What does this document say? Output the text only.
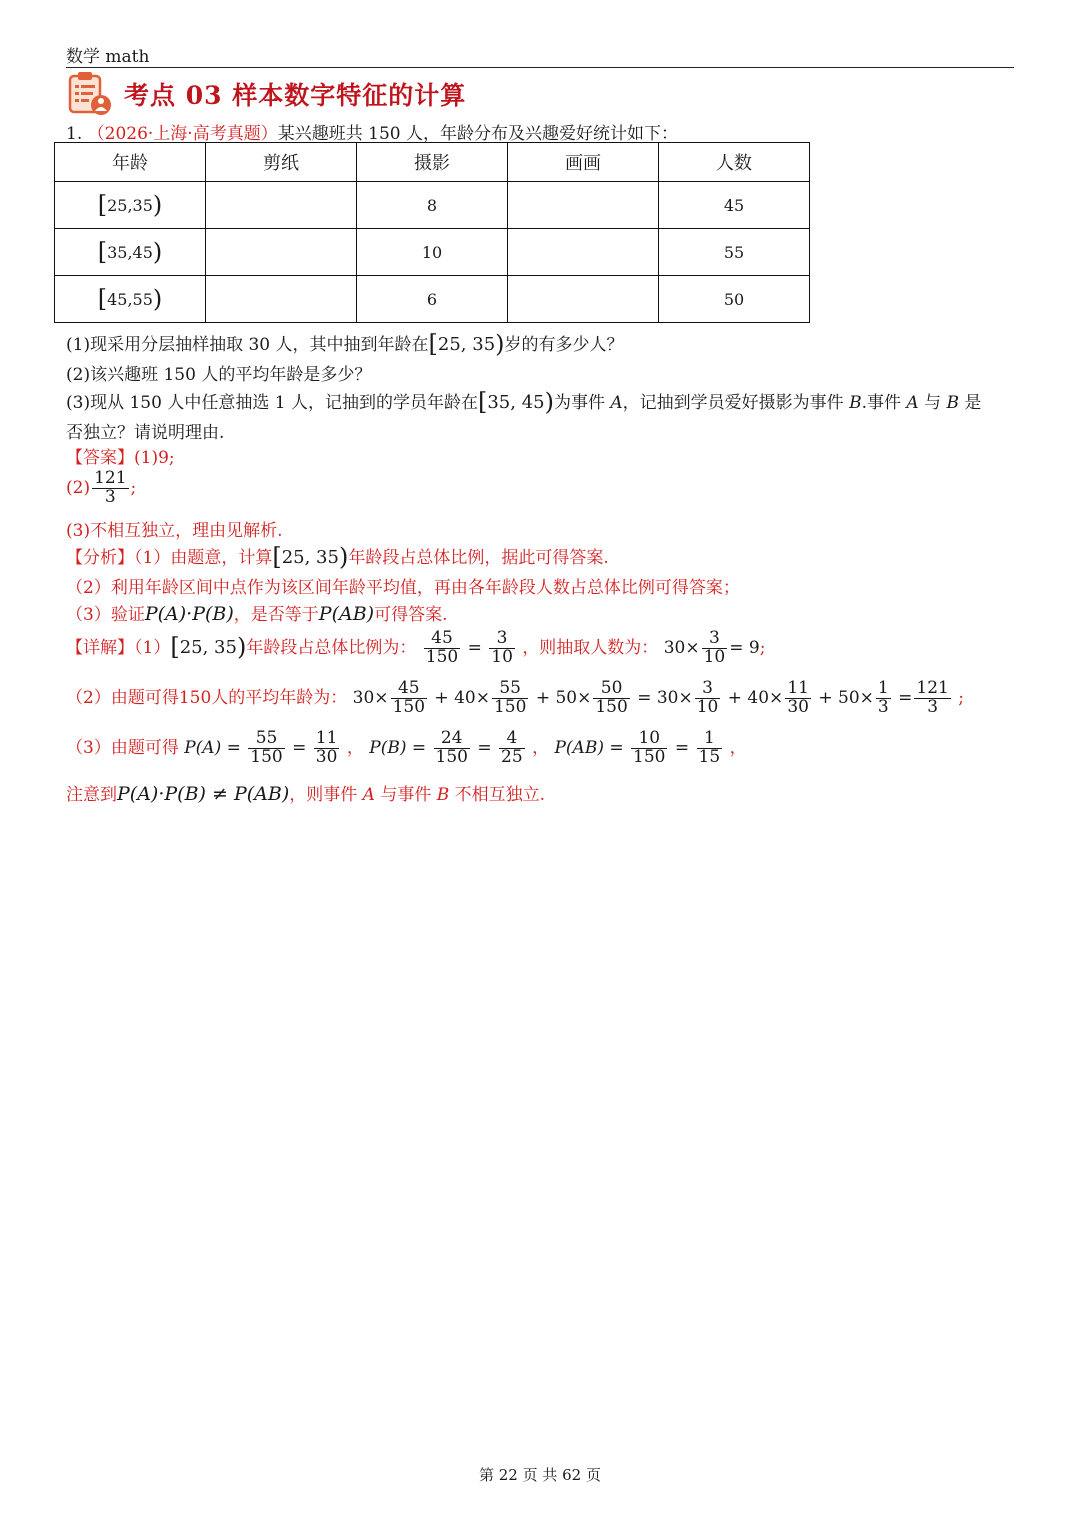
数学 math
考点 03 样本数字特征的计算
1. （2026·上海·高考真题）某兴趣班共 150 人，年龄分布及兴趣爱好统计如下：
年龄	剪纸	摄影	画画	人数
[25,35)		8		45
[35,45)		10		55
[45,55)		6		50
(1)现采用分层抽样抽取 30 人，其中抽到年龄在[25, 35)岁的有多少人？
(2)该兴趣班 150 人的平均年龄是多少？
(3)现从 150 人中任意抽选 1 人，记抽到的学员年龄在[35, 45)为事件 A，记抽到学员爱好摄影为事件 B.事件 A 与 B 是
否独立？请说明理由.
【答案】(1)9;
$(2) \frac{121}{3}$ ;
(3)不相互独立，理由见解析.
【分析】（1）由题意，计算[25, 35)年龄段占总体比例，据此可得答案.
（2）利用年龄区间中点作为该区间年龄平均值，再由各年龄段人数占总体比例可得答案；
（3）验证P(A)·P(B)，是否等于P(AB)可得答案.
【详解】（1）[25, 35)年龄段占总体比例为： $\frac{45}{150} = \frac{3}{10}$ ，则抽取人数为： $30\times \frac{3}{10} = 9$;
（2）由题可得150人的平均年龄为： $30\times \frac{45}{150} + 40\times \frac{55}{150} + 50\times \frac{50}{150} = 30\times \frac{3}{10} + 40\times \frac{11}{30} + 50\times \frac{1}{3} = \frac{121}{3}$ ;
（3）由题可得 $P(A) = \frac{55}{150} = \frac{11}{30}$ ， $P(B) = \frac{24}{150} = \frac{4}{25}$ ， $P(AB) = \frac{10}{150} = \frac{1}{15}$ ，
注意到P(A)·P(B) ≠ P(AB)，则事件 A 与事件 B 不相互独立.
第 22 页 共 62 页
